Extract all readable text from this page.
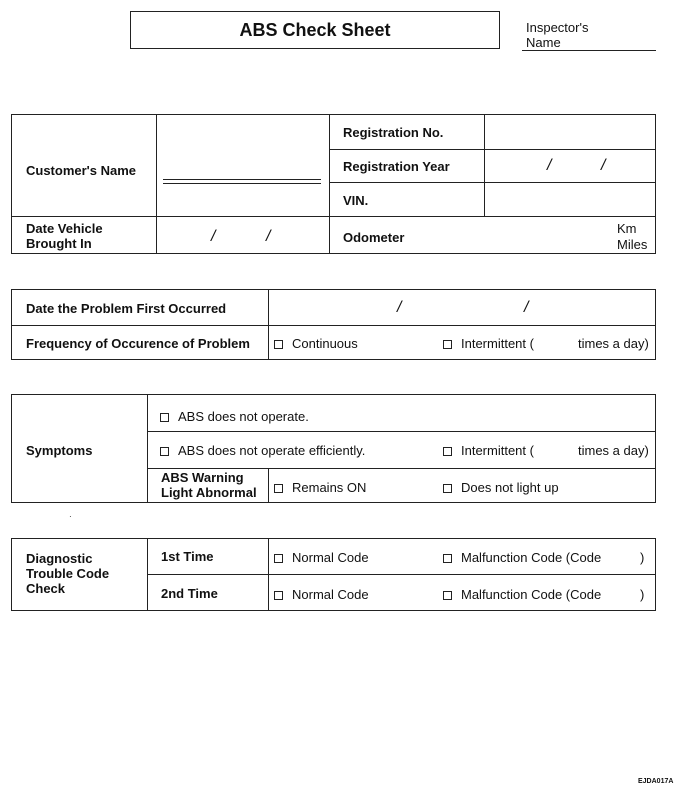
ABS Check Sheet	Inspector's
Name
Customer's Name
Registration No.
Registration Year	/	/
VIN.
Date Vehicle
Brought In	/	/	Odometer
Km
Miles
Date the Problem First Occurred	/	/
Frequency of Occurence of Problem	Continuous	Intermittent (	times a day)
Symptoms
ABS does not operate.
ABS does not operate efficiently.	Intermittent (	times a day)
ABS Warning
Light Abnormal	Remains ON	Does not light up
·
Diagnostic
Trouble Code
Check
1st Time	Normal Code	Malfunction Code (Code	)
2nd Time	Normal Code	Malfunction Code (Code	)
EJDA017A
